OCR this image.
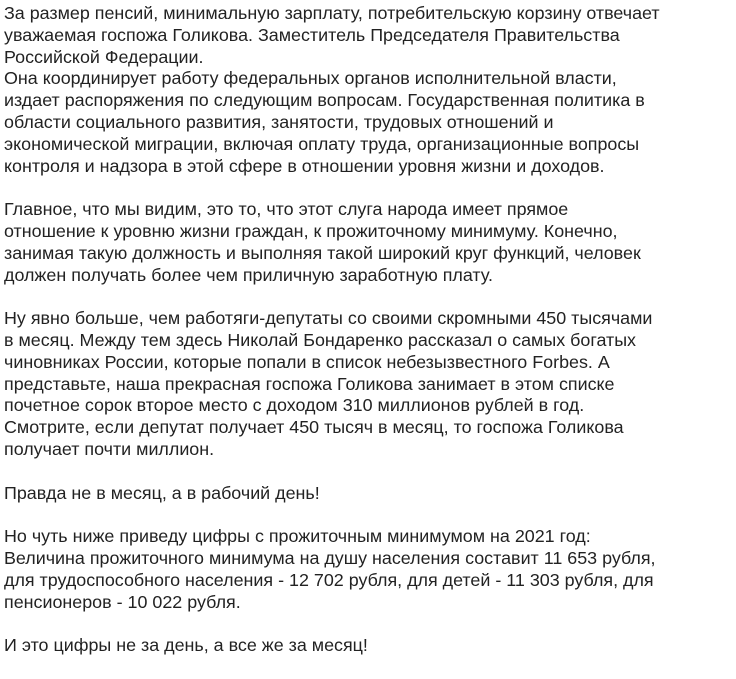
За размер пенсий, минимальную зарплату, потребительскую корзину отвечает
уважаемая госпожа Голикова. Заместитель Председателя Правительства
Российской Федерации.
Она координирует работу федеральных органов исполнительной власти,
издает распоряжения по следующим вопросам. Государственная политика в
области социального развития, занятости, трудовых отношений и
экономической миграции, включая оплату труда, организационные вопросы
контроля и надзора в этой сфере в отношении уровня жизни и доходов.

Главное, что мы видим, это то, что этот слуга народа имеет прямое
отношение к уровню жизни граждан, к прожиточному минимуму. Конечно,
занимая такую должность и выполняя такой широкий круг функций, человек
должен получать более чем приличную заработную плату.

Ну явно больше, чем работяги-депутаты со своими скромными 450 тысячами
в месяц. Между тем здесь Николай Бондаренко рассказал о самых богатых
чиновниках России, которые попали в список небезызвестного Forbes. А
представьте, наша прекрасная госпожа Голикова занимает в этом списке
почетное сорок второе место с доходом 310 миллионов рублей в год.
Смотрите, если депутат получает 450 тысяч в месяц, то госпожа Голикова
получает почти миллион.

Правда не в месяц, а в рабочий день!

Но чуть ниже приведу цифры с прожиточным минимумом на 2021 год:
Величина прожиточного минимума на душу населения составит 11 653 рубля,
для трудоспособного населения - 12 702 рубля, для детей - 11 303 рубля, для
пенсионеров - 10 022 рубля.

И это цифры не за день, а все же за месяц!
